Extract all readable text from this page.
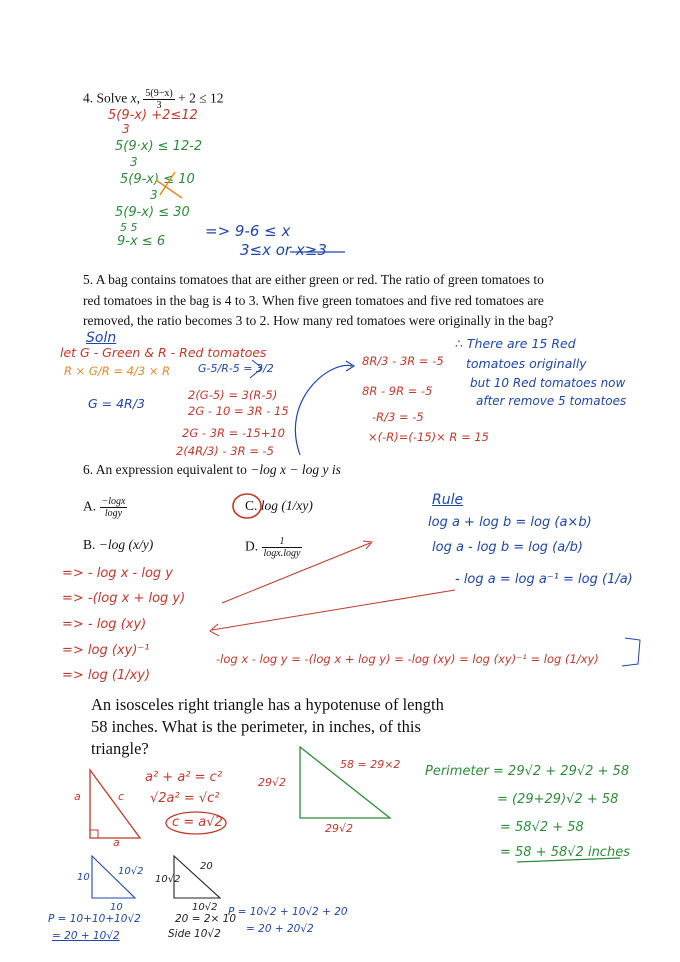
4. Solve x, $\frac{5(9-x)}{3} + 2 \le 12$
5(9-x) +2≤12
3
5(9·x) ≤ 12-2
3
5(9-x) ≤ 10
3
5(9-x) ≤ 30
5 5
9-x ≤ 6
=> 9-6 ≤ x
3≤x or x≥3
5. A bag contains tomatoes that are either green or red. The ratio of green tomatoes to
red tomatoes in the bag is 4 to 3. When five green tomatoes and five red tomatoes are
removed, the ratio becomes 3 to 2. How many red tomatoes were originally in the bag?
Soln
let G - Green & R - Red tomatoes
R × G/R = 4/3 × R
G = 4R/3
G-5/R-5 = 3/2
2(G-5) = 3(R-5)
2G - 10 = 3R - 15
2G - 3R = -15+10
2(4R/3) - 3R = -5
8R/3 - 3R = -5
8R - 9R = -5
-R/3 = -5
×(-R)=(-15)× R = 15
∴ There are 15 Red
tomatoes originally
but 10 Red tomatoes now
after remove 5 tomatoes
6. An expression equivalent to −log x − log y is
A. $\frac{-\log x}{\log y}$	C. log (1/xy)
B. −log (x/y)	D. $\frac{1}{\log x.\log y}$
Rule
log a + log b = log (a×b)
log a - log b = log (a/b)
- log a = log a⁻¹ = log (1/a)
=> - log x - log y
=> -(log x + log y)
=> - log (xy)
=> log (xy)⁻¹
=> log (1/xy)
-log x - log y = -(log x + log y) = -log (xy) = log (xy)⁻¹ = log (1/xy)
An isosceles right triangle has a hypotenuse of length
58 inches. What is the perimeter, in inches, of this
triangle?
a	c
a
a² + a² = c²
√2a² = √c²
c = a√2
29√2
29√2
58 = 29×2 Perimeter = 29√2 + 29√2 + 58
= (29+29)√2 + 58
= 58√2 + 58
= 58 + 58√2 inches
10
10√2
10
P = 10+10+10√2
= 20 + 10√2
10√2
20
10√2
20 = 2× 10
Side 10√2
P = 10√2 + 10√2 + 20
= 20 + 20√2
